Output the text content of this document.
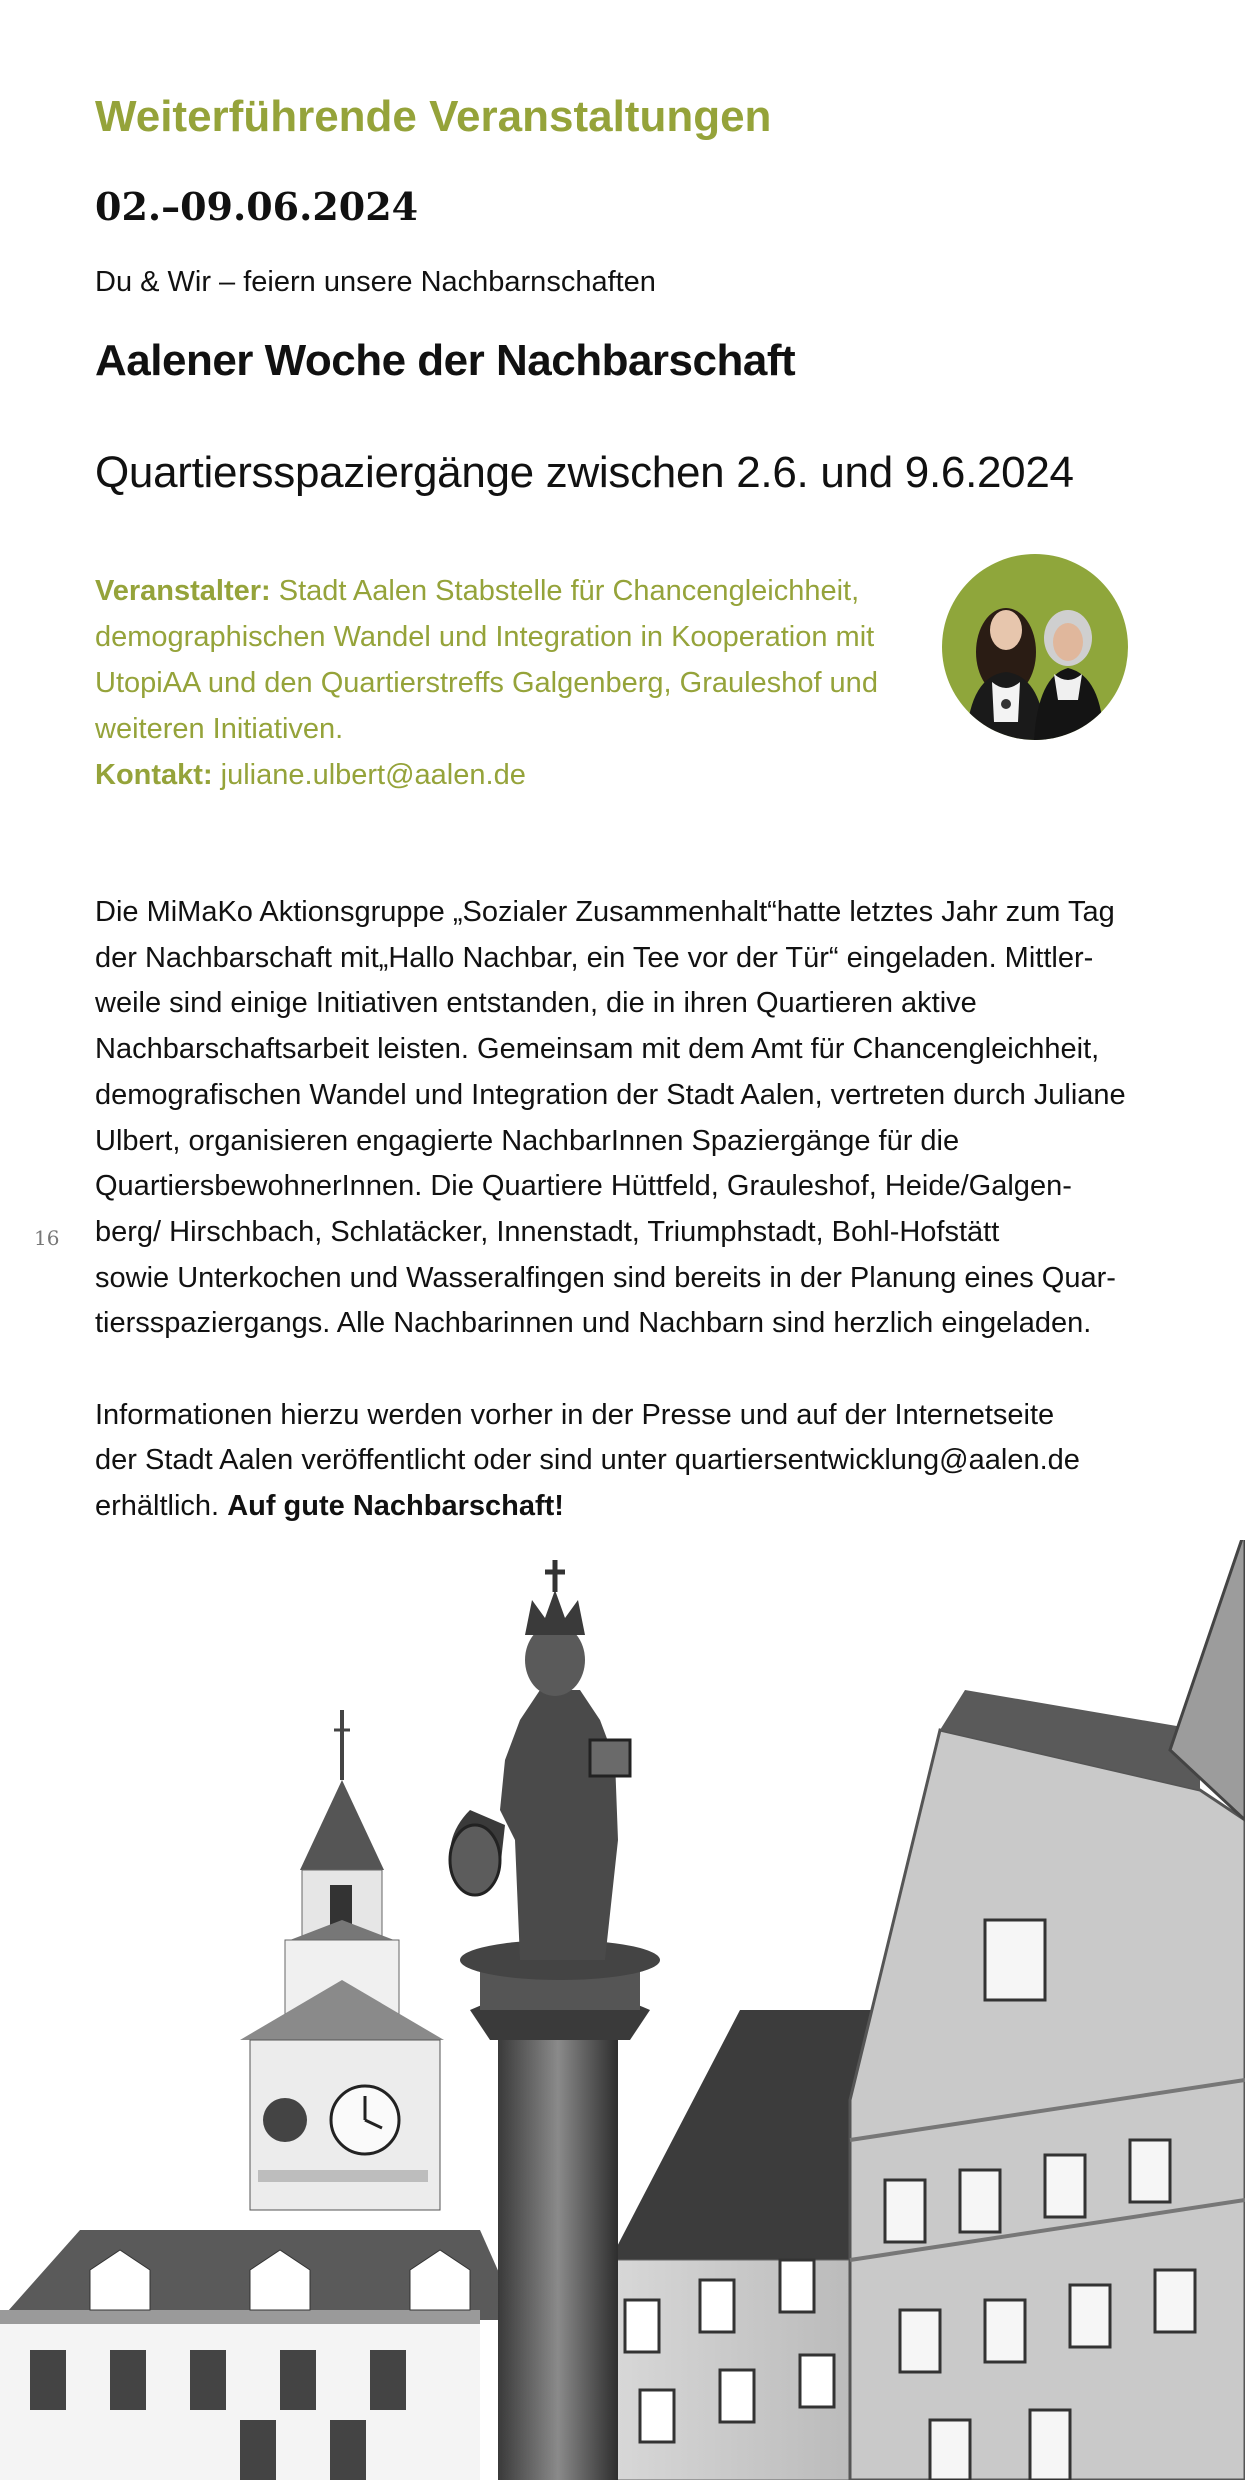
Weiterführende Veranstaltungen
02.–09.06.2024
Du & Wir – feiern unsere Nachbarnschaften
Aalener Woche der Nachbarschaft
Quartiersspaziergänge zwischen 2.6. und 9.6.2024
Veranstalter: Stadt Aalen Stabstelle für Chancengleichheit,
demographischen Wandel und Integration in Kooperation mit
UtopiAA und den Quartierstreffs Galgenberg, Grauleshof und
weiteren Initiativen.
Kontakt: juliane.ulbert@aalen.de

Die MiMaKo Aktionsgruppe „Sozialer Zusammenhalt“hatte letztes Jahr zum Tag
der Nachbarschaft mit„Hallo Nachbar, ein Tee vor der Tür“ eingeladen. Mittler-
weile sind einige Initiativen entstanden, die in ihren Quartieren aktive
Nachbarschaftsarbeit leisten. Gemeinsam mit dem Amt für Chancengleichheit,
demografischen Wandel und Integration der Stadt Aalen, vertreten durch Juliane
Ulbert, organisieren engagierte NachbarInnen Spaziergänge für die
QuartiersbewohnerInnen. Die Quartiere Hüttfeld, Grauleshof, Heide/Galgen-
berg/ Hirschbach, Schlatäcker, Innenstadt, Triumphstadt, Bohl-Hofstätt
sowie Unterkochen und Wasseralfingen sind bereits in der Planung eines Quar-
tiersspaziergangs. Alle Nachbarinnen und Nachbarn sind herzlich eingeladen.

Informationen hierzu werden vorher in der Presse und auf der Internetseite
der Stadt Aalen veröffentlicht oder sind unter quartiersentwicklung@aalen.de
erhältlich. Auf gute Nachbarschaft!

16
